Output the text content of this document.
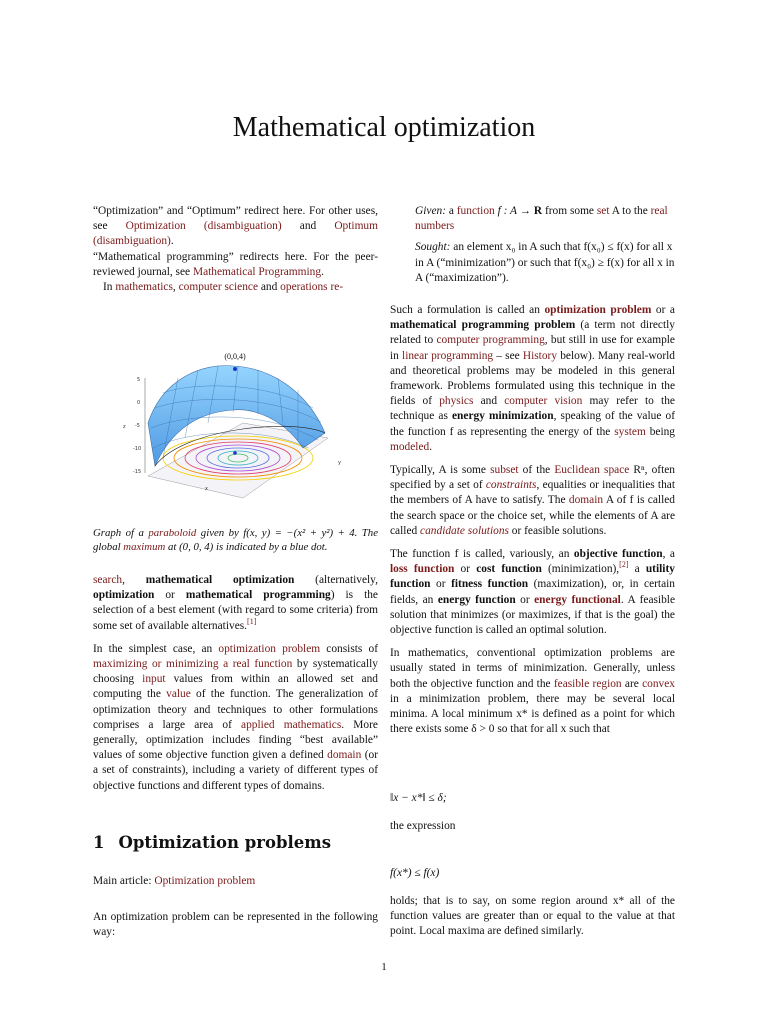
Mathematical optimization

“Optimization” and “Optimum” redirect here. For other uses, see Optimization (disambiguation) and Optimum (disambiguation).

“Mathematical programming” redirects here. For the peer-reviewed journal, see Mathematical Programming.

In mathematics, computer science and operations re-

5
0
-5
-10
-15
z
x
y
(0,0,4)
Graph of a paraboloid given by f(x, y) = −(x² + y²) + 4. The global maximum at (0, 0, 4) is indicated by a blue dot.

search, mathematical optimization (alternatively, optimization or mathematical programming) is the selection of a best element (with regard to some criteria) from some set of available alternatives.[1]

In the simplest case, an optimization problem consists of maximizing or minimizing a real function by systematically choosing input values from within an allowed set and computing the value of the function. The generalization of optimization theory and techniques to other formulations comprises a large area of applied mathematics. More generally, optimization includes finding “best available” values of some objective function given a defined domain (or a set of constraints), including a variety of different types of objective functions and different types of domains.

1 Optimization problems
Main article: Optimization problem

An optimization problem can be represented in the following way:

Given: a function f : A → R from some set A to the real numbers

Sought: an element x₀ in A such that f(x₀) ≤ f(x) for all x in A (“minimization”) or such that f(x₀) ≥ f(x) for all x in A (“maximization”).

Such a formulation is called an optimization problem or a mathematical programming problem (a term not directly related to computer programming, but still in use for example in linear programming – see History below). Many real-world and theoretical problems may be modeled in this general framework. Problems formulated using this technique in the fields of physics and computer vision may refer to the technique as energy minimization, speaking of the value of the function f as representing the energy of the system being modeled.

Typically, A is some subset of the Euclidean space Rⁿ, often specified by a set of constraints, equalities or inequalities that the members of A have to satisfy. The domain A of f is called the search space or the choice set, while the elements of A are called candidate solutions or feasible solutions.

The function f is called, variously, an objective function, a loss function or cost function (minimization),[2] a utility function or fitness function (maximization), or, in certain fields, an energy function or energy functional. A feasible solution that minimizes (or maximizes, if that is the goal) the objective function is called an optimal solution.

In mathematics, conventional optimization problems are usually stated in terms of minimization. Generally, unless both the objective function and the feasible region are convex in a minimization problem, there may be several local minima. A local minimum x* is defined as a point for which there exists some δ > 0 so that for all x such that

‖x − x*‖ ≤ δ;
the expression
f(x*) ≤ f(x)

holds; that is to say, on some region around x* all of the function values are greater than or equal to the value at that point. Local maxima are defined similarly.

1
